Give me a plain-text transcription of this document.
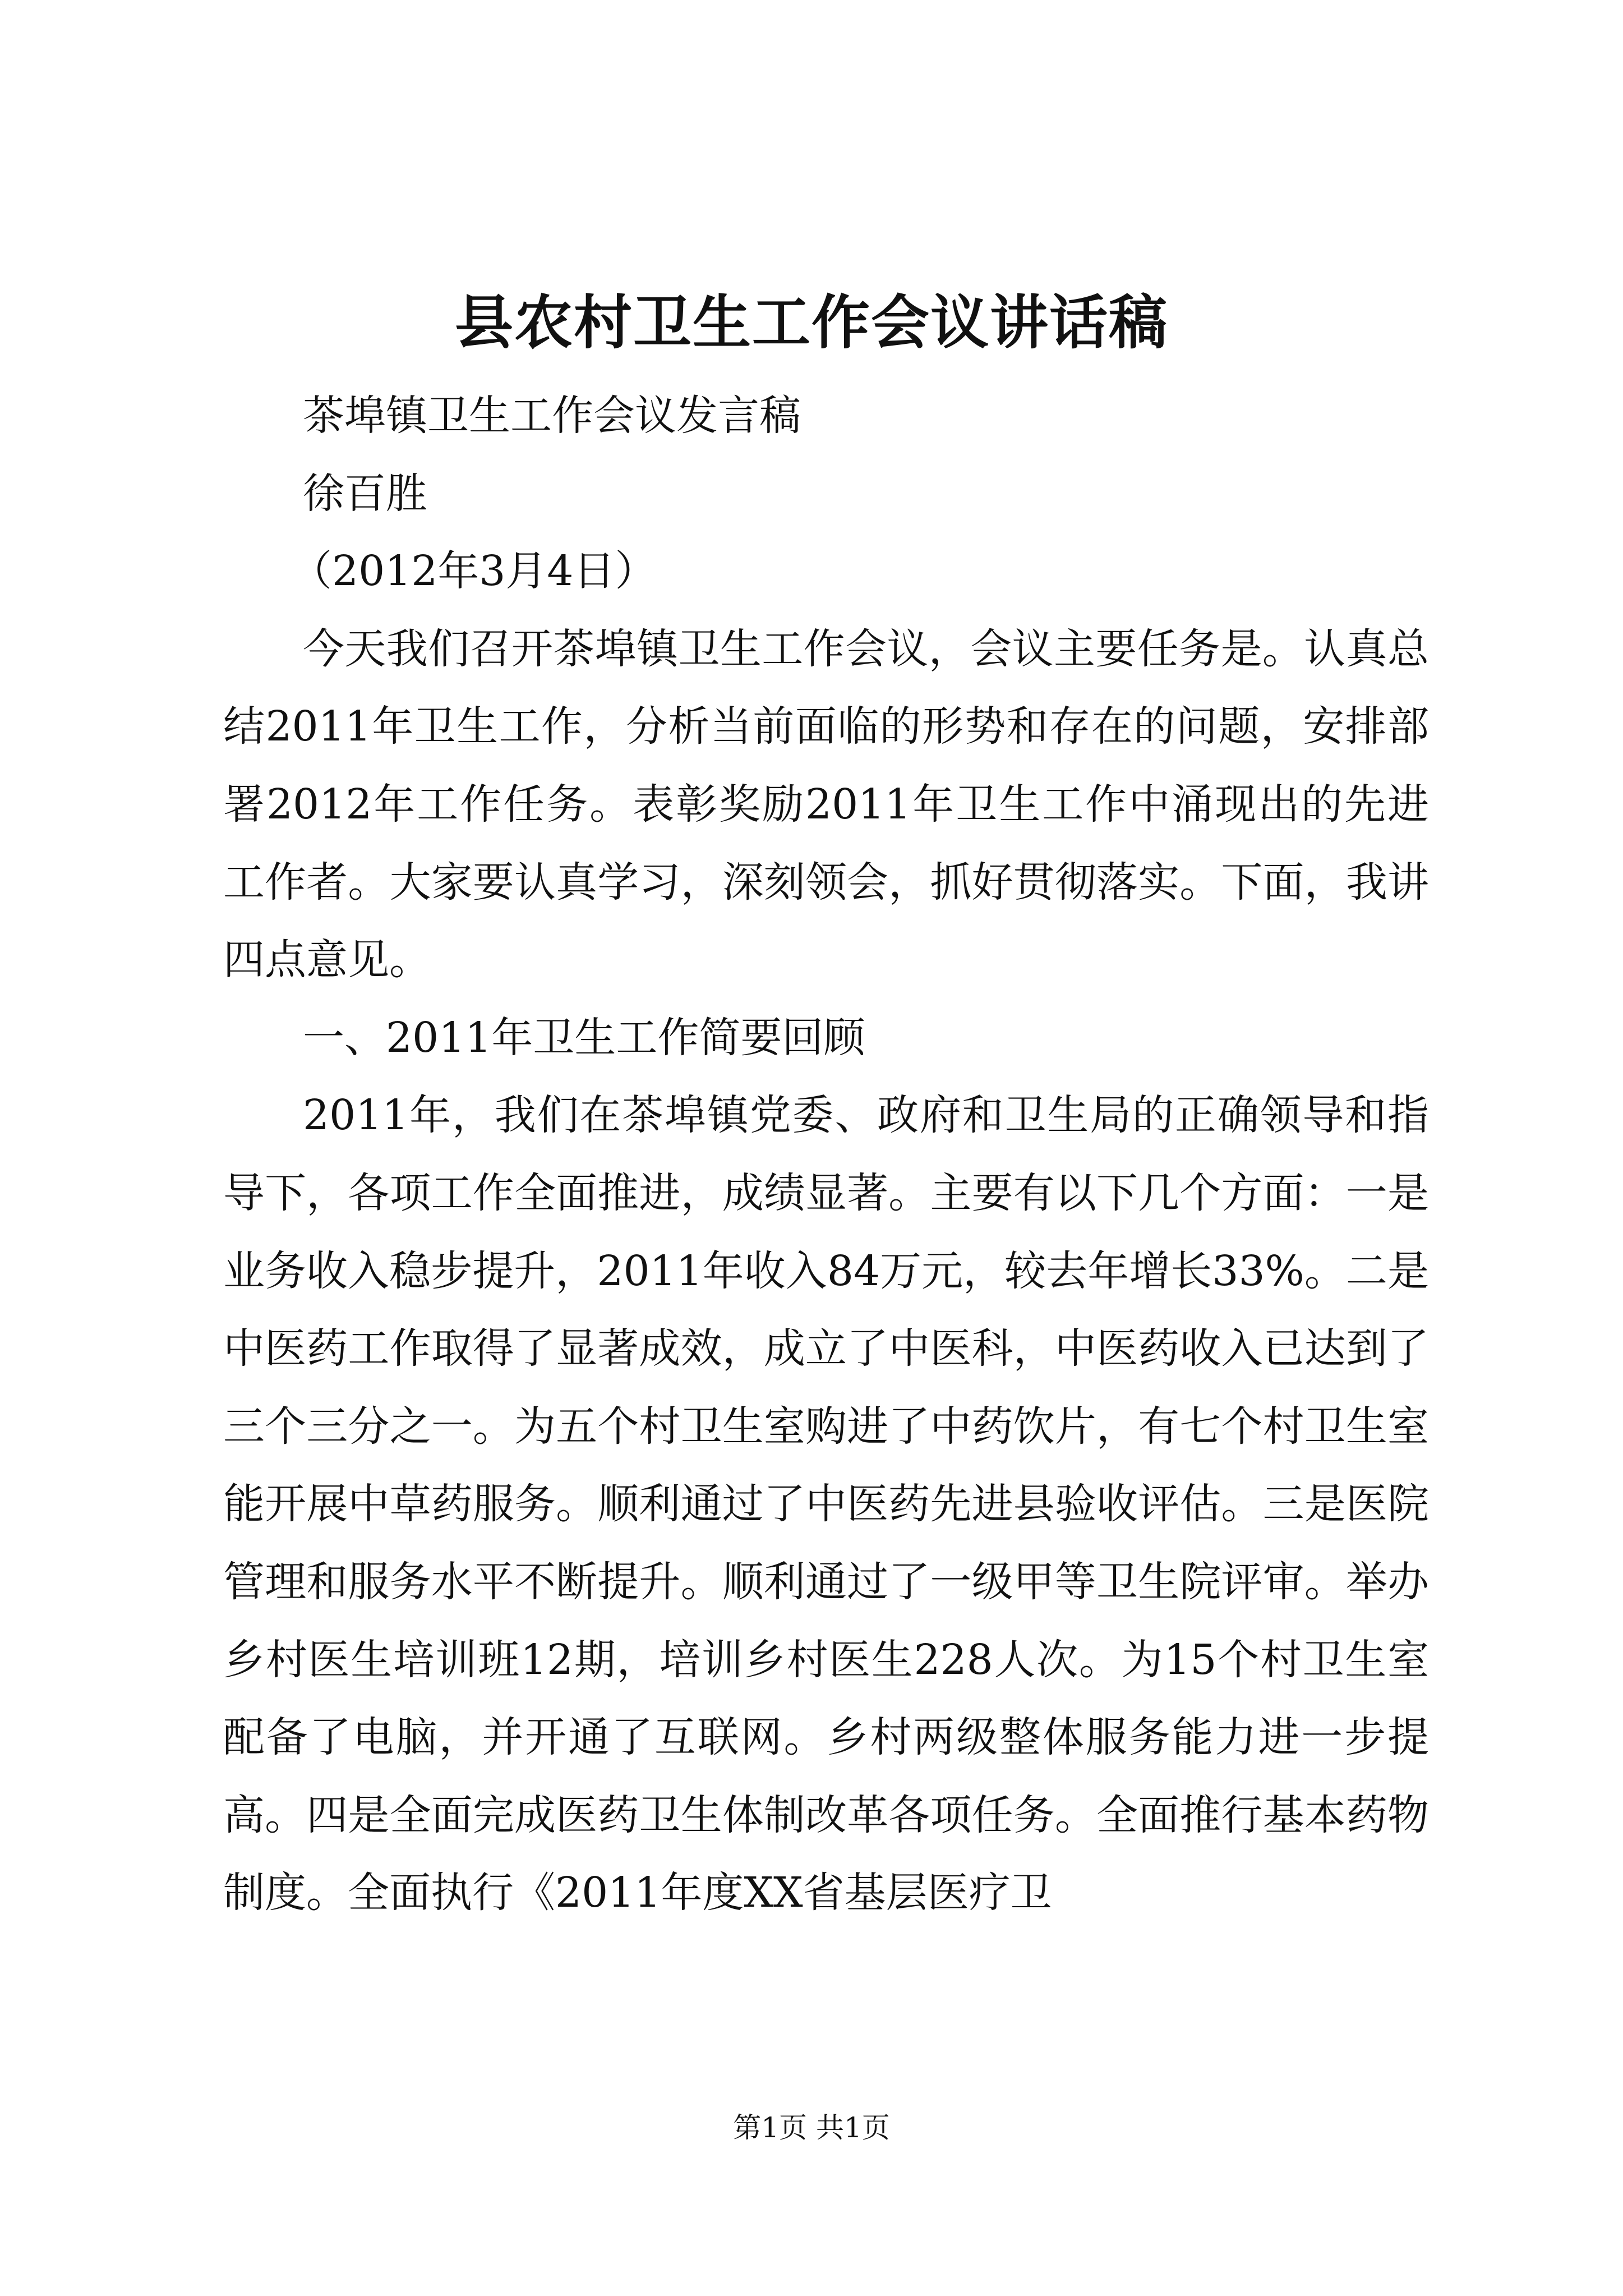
县农村卫生工作会议讲话稿

茶埠镇卫生工作会议发言稿

徐百胜

（2012年3月4日）

今天我们召开茶埠镇卫生工作会议，会议主要任务是。认真总结2011年卫生工作，分析当前面临的形势和存在的问题，安排部署2012年工作任务。表彰奖励2011年卫生工作中涌现出的先进工作者。大家要认真学习，深刻领会，抓好贯彻落实。下面，我讲四点意见。

一、2011年卫生工作简要回顾

2011年，我们在茶埠镇党委、政府和卫生局的正确领导和指导下，各项工作全面推进，成绩显著。主要有以下几个方面：一是业务收入稳步提升，2011年收入84万元，较去年增长33%。二是中医药工作取得了显著成效，成立了中医科，中医药收入已达到了三个三分之一。为五个村卫生室购进了中药饮片，有七个村卫生室能开展中草药服务。顺利通过了中医药先进县验收评估。三是医院管理和服务水平不断提升。顺利通过了一级甲等卫生院评审。举办乡村医生培训班12期，培训乡村医生228人次。为15个村卫生室配备了电脑，并开通了互联网。乡村两级整体服务能力进一步提高。四是全面完成医药卫生体制改革各项任务。全面推行基本药物制度。全面执行《2011年度XX省基层医疗卫

第1页 共1页
